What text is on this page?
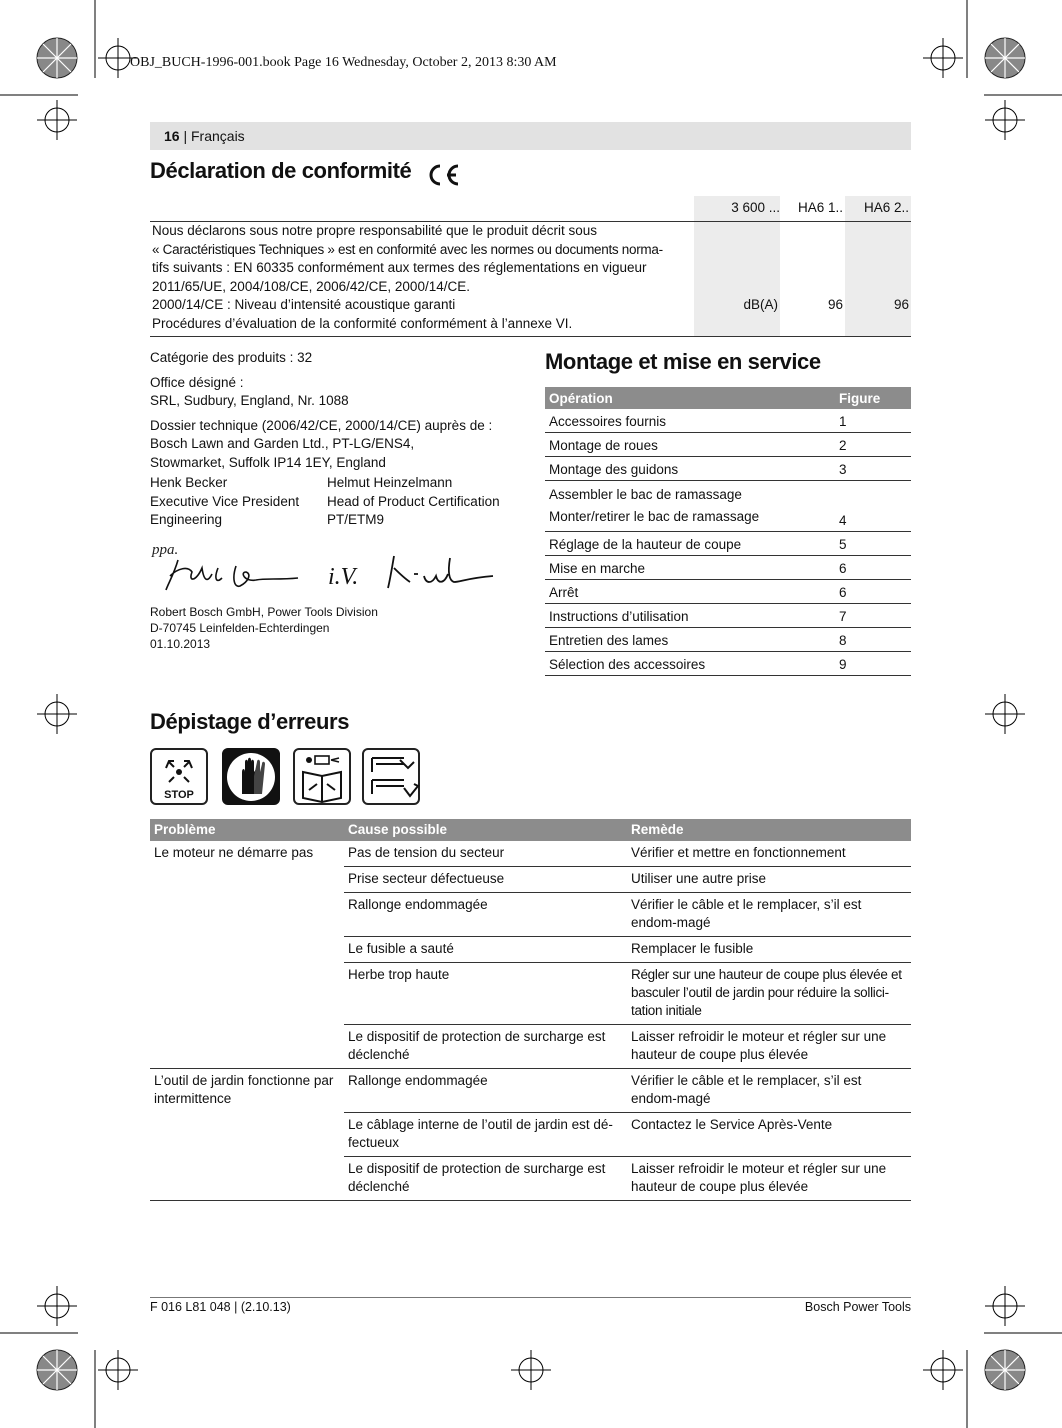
OBJ_BUCH-1996-001.book Page 16 Wednesday, October 2, 2013 8:30 AM
16 | Français
Déclaration de conformité
3 600 ...	HA6 1..	HA6 2..
Nous déclarons sous notre propre responsabilité que le produit décrit sous
« Caractéristiques Techniques » est en conformité avec les normes ou documents norma-
tifs suivants : EN 60335 conformément aux termes des réglementations en vigueur
2011/65/UE, 2004/108/CE, 2006/42/CE, 2000/14/CE.
2000/14/CE : Niveau d’intensité acoustique garanti
Procédures d’évaluation de la conformité conformément à l’annexe VI.
dB(A)	96	96
Catégorie des produits : 32
Office désigné :
SRL, Sudbury, England, Nr. 1088
Dossier technique (2006/42/CE, 2000/14/CE) auprès de :
Bosch Lawn and Garden Ltd., PT-LG/ENS4,
Stowmarket, Suffolk IP14 1EY, England
Henk Becker
Executive Vice President
Engineering
Helmut Heinzelmann
Head of Product Certification
PT/ETM9
ppa.
i.V.
Robert Bosch GmbH, Power Tools Division
D-70745 Leinfelden-Echterdingen
01.10.2013
Montage et mise en service
Opération	Figure
Accessoires fournis	1
Montage de roues	2
Montage des guidons	3

Assembler le bac de ramassage
Monter/retirer le bac de ramassage	4
Réglage de la hauteur de coupe	5
Mise en marche	6
Arrêt	6
Instructions d’utilisation	7
Entretien des lames	8
Sélection des accessoires	9
Dépistage d’erreurs
STOP
Problème	Cause possible	Remède
Le moteur ne démarre pas	Pas de tension du secteur	Vérifier et mettre en fonctionnement
	Prise secteur défectueuse	Utiliser une autre prise
	Rallonge endommagée	Vérifier le câble et le remplacer, s’il est endom-magé
	Le fusible a sauté	Remplacer le fusible
	Herbe trop haute	Régler sur une hauteur de coupe plus élevée et basculer l’outil de jardin pour réduire la sollici-tation initiale
	Le dispositif de protection de surcharge est déclenché	Laisser refroidir le moteur et régler sur une hauteur de coupe plus élevée
L’outil de jardin fonctionne par intermittence	Rallonge endommagée	Vérifier le câble et le remplacer, s’il est endom-magé
	Le câblage interne de l’outil de jardin est dé-fectueux	Contactez le Service Après-Vente
	Le dispositif de protection de surcharge est déclenché	Laisser refroidir le moteur et régler sur une hauteur de coupe plus élevée
F 016 L81 048 | (2.10.13)	Bosch Power Tools
